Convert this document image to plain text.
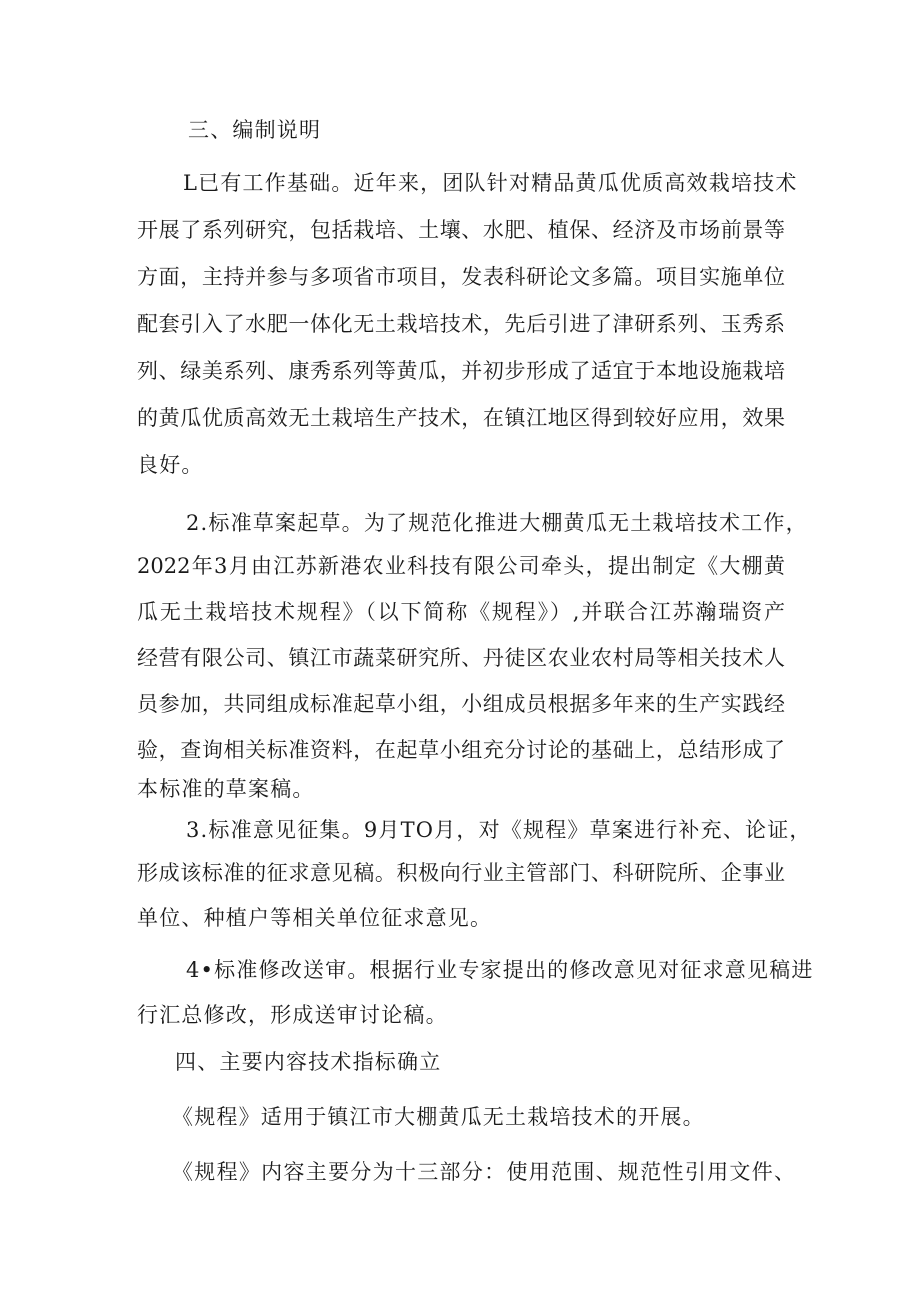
三、编制说明
L已有工作基础。近年来，团队针对精品黄瓜优质高效栽培技术
开展了系列研究，包括栽培、土壤、水肥、植保、经济及市场前景等
方面，主持并参与多项省市项目，发表科研论文多篇。项目实施单位
配套引入了水肥一体化无土栽培技术，先后引进了津研系列、玉秀系
列、绿美系列、康秀系列等黄瓜，并初步形成了适宜于本地设施栽培
的黄瓜优质高效无土栽培生产技术，在镇江地区得到较好应用，效果
良好。
2.标准草案起草。为了规范化推进大棚黄瓜无土栽培技术工作，
2022年3月由江苏新港农业科技有限公司牵头，提出制定《大棚黄
瓜无土栽培技术规程》（以下简称《规程》）,并联合江苏瀚瑞资产
经营有限公司、镇江市蔬菜研究所、丹徒区农业农村局等相关技术人
员参加，共同组成标准起草小组，小组成员根据多年来的生产实践经
验，查询相关标准资料，在起草小组充分讨论的基础上，总结形成了
本标准的草案稿。
3.标准意见征集。9月TO月，对《规程》草案进行补充、论证，
形成该标准的征求意见稿。积极向行业主管部门、科研院所、企事业
单位、种植户等相关单位征求意见。
4•标准修改送审。根据行业专家提出的修改意见对征求意见稿进
行汇总修改，形成送审讨论稿。
四、主要内容技术指标确立
《规程》适用于镇江市大棚黄瓜无土栽培技术的开展。
《规程》内容主要分为十三部分：使用范围、规范性引用文件、
